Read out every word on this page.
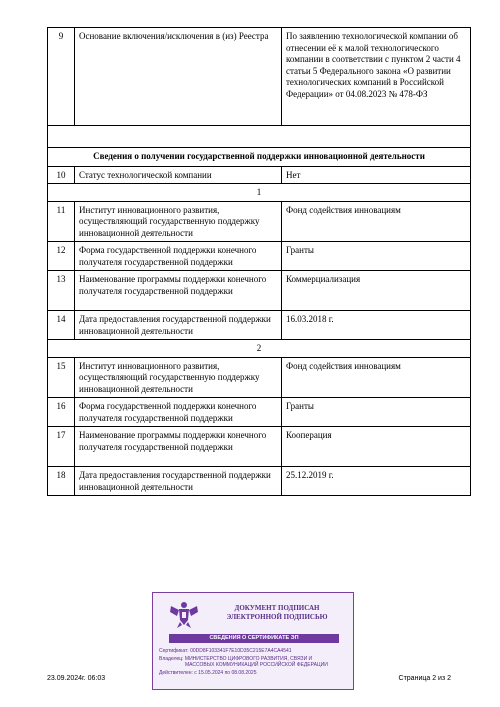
9	Основание включения/исключения в (из) Реестра	По заявлению технологической компании об отнесении её к малой технологического компании в соответствии с пунктом 2 части 4 статьи 5 Федерального закона «О развитии технологических компаний в Российской Федерации» от 04.08.2023 № 478-ФЗ

Сведения о получении государственной поддержки инновационной деятельности		
10	Статус технологической компании	Нет
1		
11	Институт инновационного развития, осуществляющий государственную поддержку инновационной деятельности	Фонд содействия инновациям
12	Форма государственной поддержки конечного получателя государственной поддержки	Гранты
13	Наименование программы поддержки конечного получателя государственной поддержки	Коммерциализация
14	Дата предоставления государственной поддержки инновационной деятельности	16.03.2018 г.
2		
15	Институт инновационного развития, осуществляющий государственную поддержку инновационной деятельности	Фонд содействия инновациям
16	Форма государственной поддержки конечного получателя государственной поддержки	Гранты
17	Наименование программы поддержки конечного получателя государственной поддержки	Кооперация
18	Дата предоставления государственной поддержки инновационной деятельности	25.12.2019 г.
ДОКУМЕНТ ПОДПИСАН
ЭЛЕКТРОННОЙ ПОДПИСЬЮ
СВЕДЕНИЯ О СЕРТИФИКАТЕ ЭП
Сертификат: 00DD8F103341F7E10D35C215E7A4CA4541
Владелец: МИНИСТЕРСТВО ЦИФРОВОГО РАЗВИТИЯ, СВЯЗИ И
МАССОВЫХ КОММУНИКАЦИЙ РОССИЙСКОЙ ФЕДЕРАЦИИ
Действителен: с 15.05.2024 по 08.08.2025
23.09.2024г. 06:03	Страница 2 из 2
